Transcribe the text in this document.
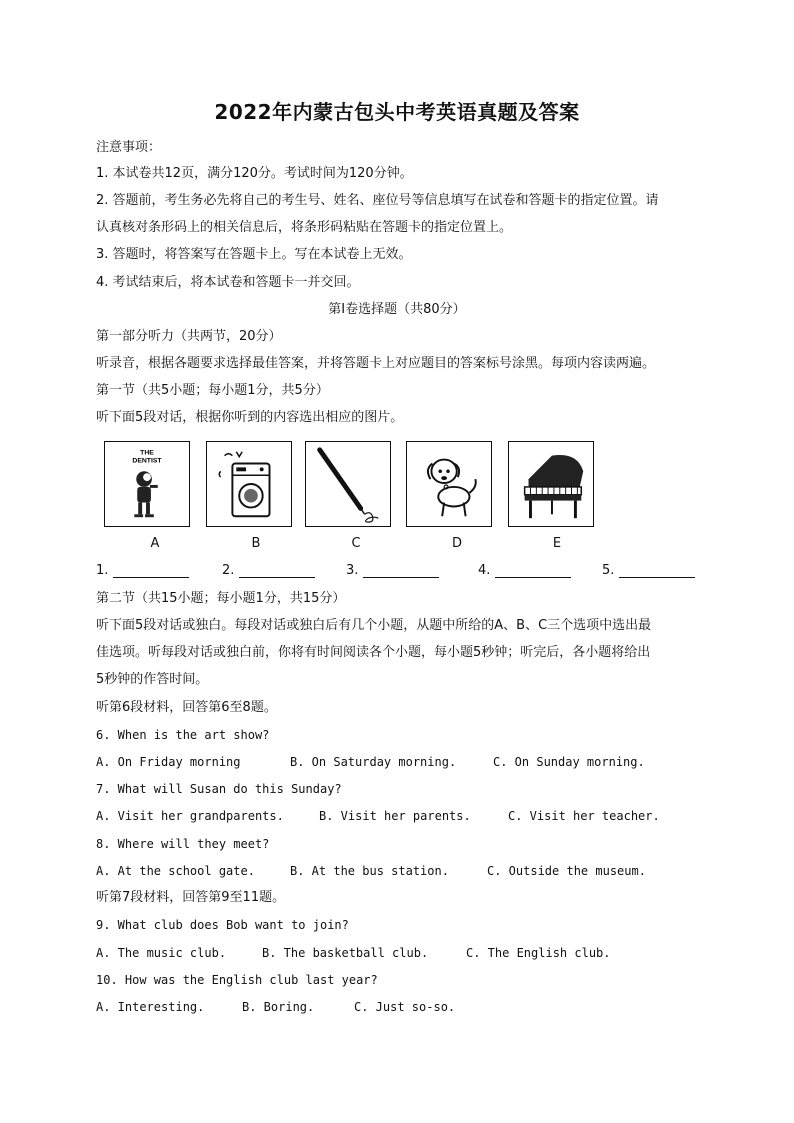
2022年内蒙古包头中考英语真题及答案
注意事项：
1. 本试卷共12页，满分120分。考试时间为120分钟。
2. 答题前，考生务必先将自己的考生号、姓名、座位号等信息填写在试卷和答题卡的指定位置。请
认真核对条形码上的相关信息后，将条形码粘贴在答题卡的指定位置上。
3. 答题时，将答案写在答题卡上。写在本试卷上无效。
4. 考试结束后，将本试卷和答题卡一并交回。
第Ⅰ卷选择题（共80分）
第一部分听力（共两节，20分）
听录音，根据各题要求选择最佳答案，并将答题卡上对应题目的答案标号涂黑。每项内容读两遍。
第一节（共5小题；每小题1分，共5分）
听下面5段对话，根据你听到的内容选出相应的图片。
THE
DENTIST
A	B	C	D	E
1.	2.	3.	4.	5.
第二节（共15小题；每小题1分，共15分）
听下面5段对话或独白。每段对话或独白后有几个小题，从题中所给的A、B、C三个选项中选出最
佳选项。听每段对话或独白前，你将有时间阅读各个小题，每小题5秒钟；听完后，各小题将给出
5秒钟的作答时间。
听第6段材料，回答第6至8题。
6. When is the art show?
A. On Friday morning	B. On Saturday morning.	C. On Sunday morning.
7. What will Susan do this Sunday?
A. Visit her grandparents.	B. Visit her parents.	C. Visit her teacher.
8. Where will they meet?
A. At the school gate.	B. At the bus station.	C. Outside the museum.
听第7段材料，回答第9至11题。
9. What club does Bob want to join?
A. The music club.	B. The basketball club.	C. The English club.
10. How was the English club last year?
A. Interesting.	B. Boring.	C. Just so-so.
